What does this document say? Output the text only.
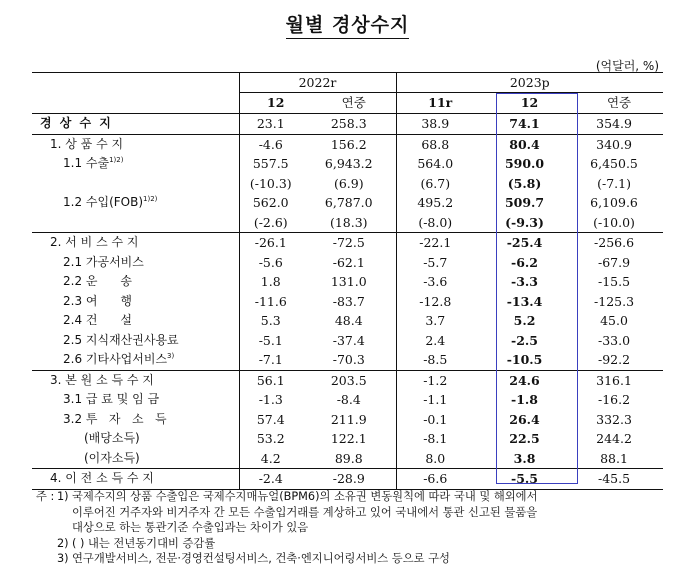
월별 경상수지
(억달러, %)
	2022r		2023p		
	12	연중	11r	12	연중
경 상 수 지	23.1	258.3	38.9	74.1	354.9
1. 상 품 수 지	-4.6	156.2	68.8	80.4	340.9
1.1 수출$^{1)2)}$	557.5	6,943.2	564.0	590.0	6,450.5
	(-10.3)	(6.9)	(6.7)	(5.8)	(-7.1)
1.2 수입(FOB)$^{1)2)}$	562.0	6,787.0	495.2	509.7	6,109.6
	(-2.6)	(18.3)	(-8.0)	(-9.3)	(-10.0)
2. 서 비 스 수 지	-26.1	-72.5	-22.1	-25.4	-256.6
2.1 가공서비스	-5.6	-62.1	-5.7	-6.2	-67.9
2.2 운      송	1.8	131.0	-3.6	-3.3	-15.5
2.3 여      행	-11.6	-83.7	-12.8	-13.4	-125.3
2.4 건      설	5.3	48.4	3.7	5.2	45.0
2.5 지식재산권사용료	-5.1	-37.4	2.4	-2.5	-33.0
2.6 기타사업서비스$^{3)}$	-7.1	-70.3	-8.5	-10.5	-92.2
3. 본 원 소 득 수 지	56.1	203.5	-1.2	24.6	316.1
3.1 급 료 및 임 금	-1.3	-8.4	-1.1	-1.8	-16.2
3.2 투   자   소   득	57.4	211.9	-0.1	26.4	332.3
(배당소득)	53.2	122.1	-8.1	22.5	244.2
(이자소득)	4.2	89.8	8.0	3.8	88.1
4. 이 전 소 득 수 지	-2.4	-28.9	-6.6	-5.5	-45.5
주 : 1) 국제수지의 상품 수출입은 국제수지매뉴얼(BPM6)의 소유권 변동원칙에 따라 국내 및 해외에서
이루어진 거주자와 비거주자 간 모든 수출입거래를 계상하고 있어 국내에서 통관 신고된 물품을
대상으로 하는 통관기준 수출입과는 차이가 있음
2) ( ) 내는 전년동기대비 증감률
3) 연구개발서비스, 전문·경영컨설팅서비스, 건축·엔지니어링서비스 등으로 구성
